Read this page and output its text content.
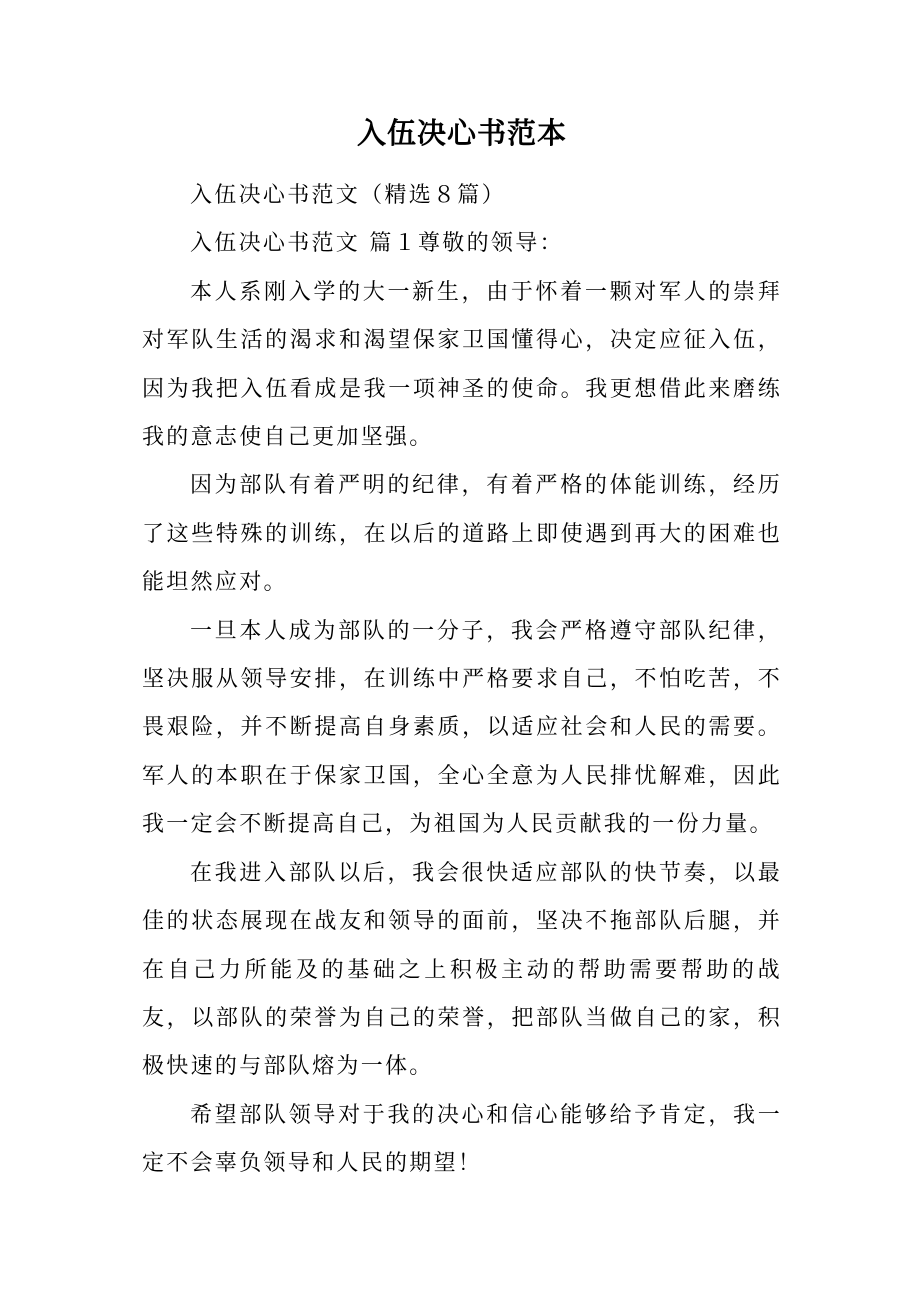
入伍决心书范本

入伍决心书范文（精选８篇）

入伍决心书范文 篇１尊敬的领导：

本人系刚入学的大一新生，由于怀着一颗对军人的崇拜对军队生活的渴求和渴望保家卫国懂得心，决定应征入伍，因为我把入伍看成是我一项神圣的使命。我更想借此来磨练我的意志使自己更加坚强。

因为部队有着严明的纪律，有着严格的体能训练，经历了这些特殊的训练，在以后的道路上即使遇到再大的困难也能坦然应对。

一旦本人成为部队的一分子，我会严格遵守部队纪律，坚决服从领导安排，在训练中严格要求自己，不怕吃苦，不畏艰险，并不断提高自身素质，以适应社会和人民的需要。军人的本职在于保家卫国，全心全意为人民排忧解难，因此我一定会不断提高自己，为祖国为人民贡献我的一份力量。

在我进入部队以后，我会很快适应部队的快节奏，以最佳的状态展现在战友和领导的面前，坚决不拖部队后腿，并在自己力所能及的基础之上积极主动的帮助需要帮助的战友，以部队的荣誉为自己的荣誉，把部队当做自己的家，积极快速的与部队熔为一体。

希望部队领导对于我的决心和信心能够给予肯定，我一定不会辜负领导和人民的期望！
